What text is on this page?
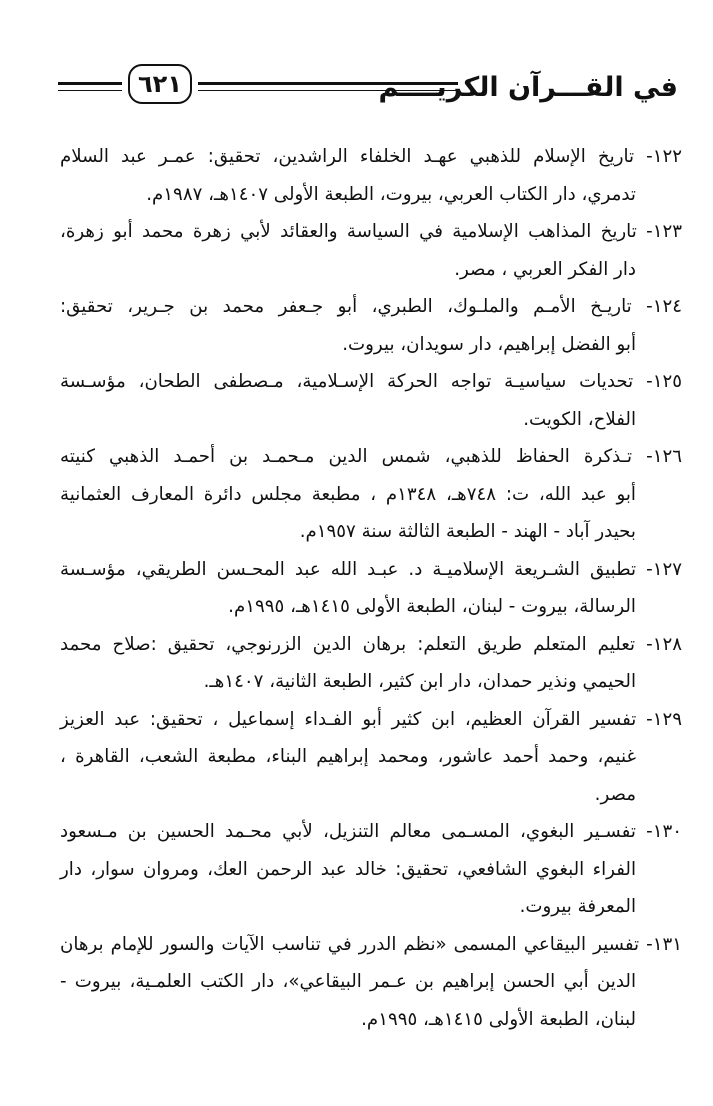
٦٢١	في القـــرآن الكريــــم
١٢٢- تاريخ الإسلام للذهبي عهـد الخلفاء الراشدين، تحقيق: عمـر عبد السلام
تدمري، دار الكتاب العربي، بيروت، الطبعة الأولى ١٤٠٧هـ، ١٩٨٧م.
١٢٣- تاريخ المذاهب الإسلامية في السياسة والعقائد لأبي زهرة محمد أبو زهرة،
دار الفكر العربي ، مصر.
١٢٤- تاريـخ الأمـم والملـوك، الطبري، أبو جـعفر محمد بن جـرير، تحقيق:
أبو الفضل إبراهيم، دار سويدان، بيروت.
١٢٥- تحديات سياسيـة تواجه الحركة الإسـلامية، مـصطفى الطحان، مؤسـسة
الفلاح، الكويت.
١٢٦- تـذكرة الحفاظ للذهبي، شمس الدين مـحمـد بن أحمـد الذهبي كنيته
أبو عبد الله، ت: ٧٤٨هـ، ١٣٤٨م ، مطبعة مجلس دائرة المعارف العثمانية
بحيدر آباد - الهند - الطبعة الثالثة سنة ١٩٥٧م.
١٢٧- تطبيق الشـريعة الإسلاميـة د. عبـد الله عبد المحـسن الطريقي، مؤسـسة
الرسالة، بيروت - لبنان، الطبعة الأولى ١٤١٥هـ، ١٩٩٥م.
١٢٨- تعليم المتعلم طريق التعلم: برهان الدين الزرنوجي، تحقيق :صلاح محمد
الحيمي ونذير حمدان، دار ابن كثير، الطبعة الثانية، ١٤٠٧هـ.
١٢٩- تفسير القرآن العظيم، ابن كثير أبو الفـداء إسماعيل ، تحقيق: عبد العزيز
غنيم، وحمد أحمد عاشور، ومحمد إبراهيم البناء، مطبعة الشعب، القاهرة ،
مصر.
١٣٠- تفسـير البغوي، المسـمى معالم التنزيل، لأبي محـمد الحسين بن مـسعود
الفراء البغوي الشافعي، تحقيق: خالد عبد الرحمن العك، ومروان سوار، دار
المعرفة بيروت.
١٣١- تفسير البيقاعي المسمى «نظم الدرر في تناسب الآيات والسور للإمام برهان
الدين أبي الحسن إبراهيم بن عـمر البيقاعي»، دار الكتب العلمـية، بيروت -
لبنان، الطبعة الأولى ١٤١٥هـ، ١٩٩٥م.
